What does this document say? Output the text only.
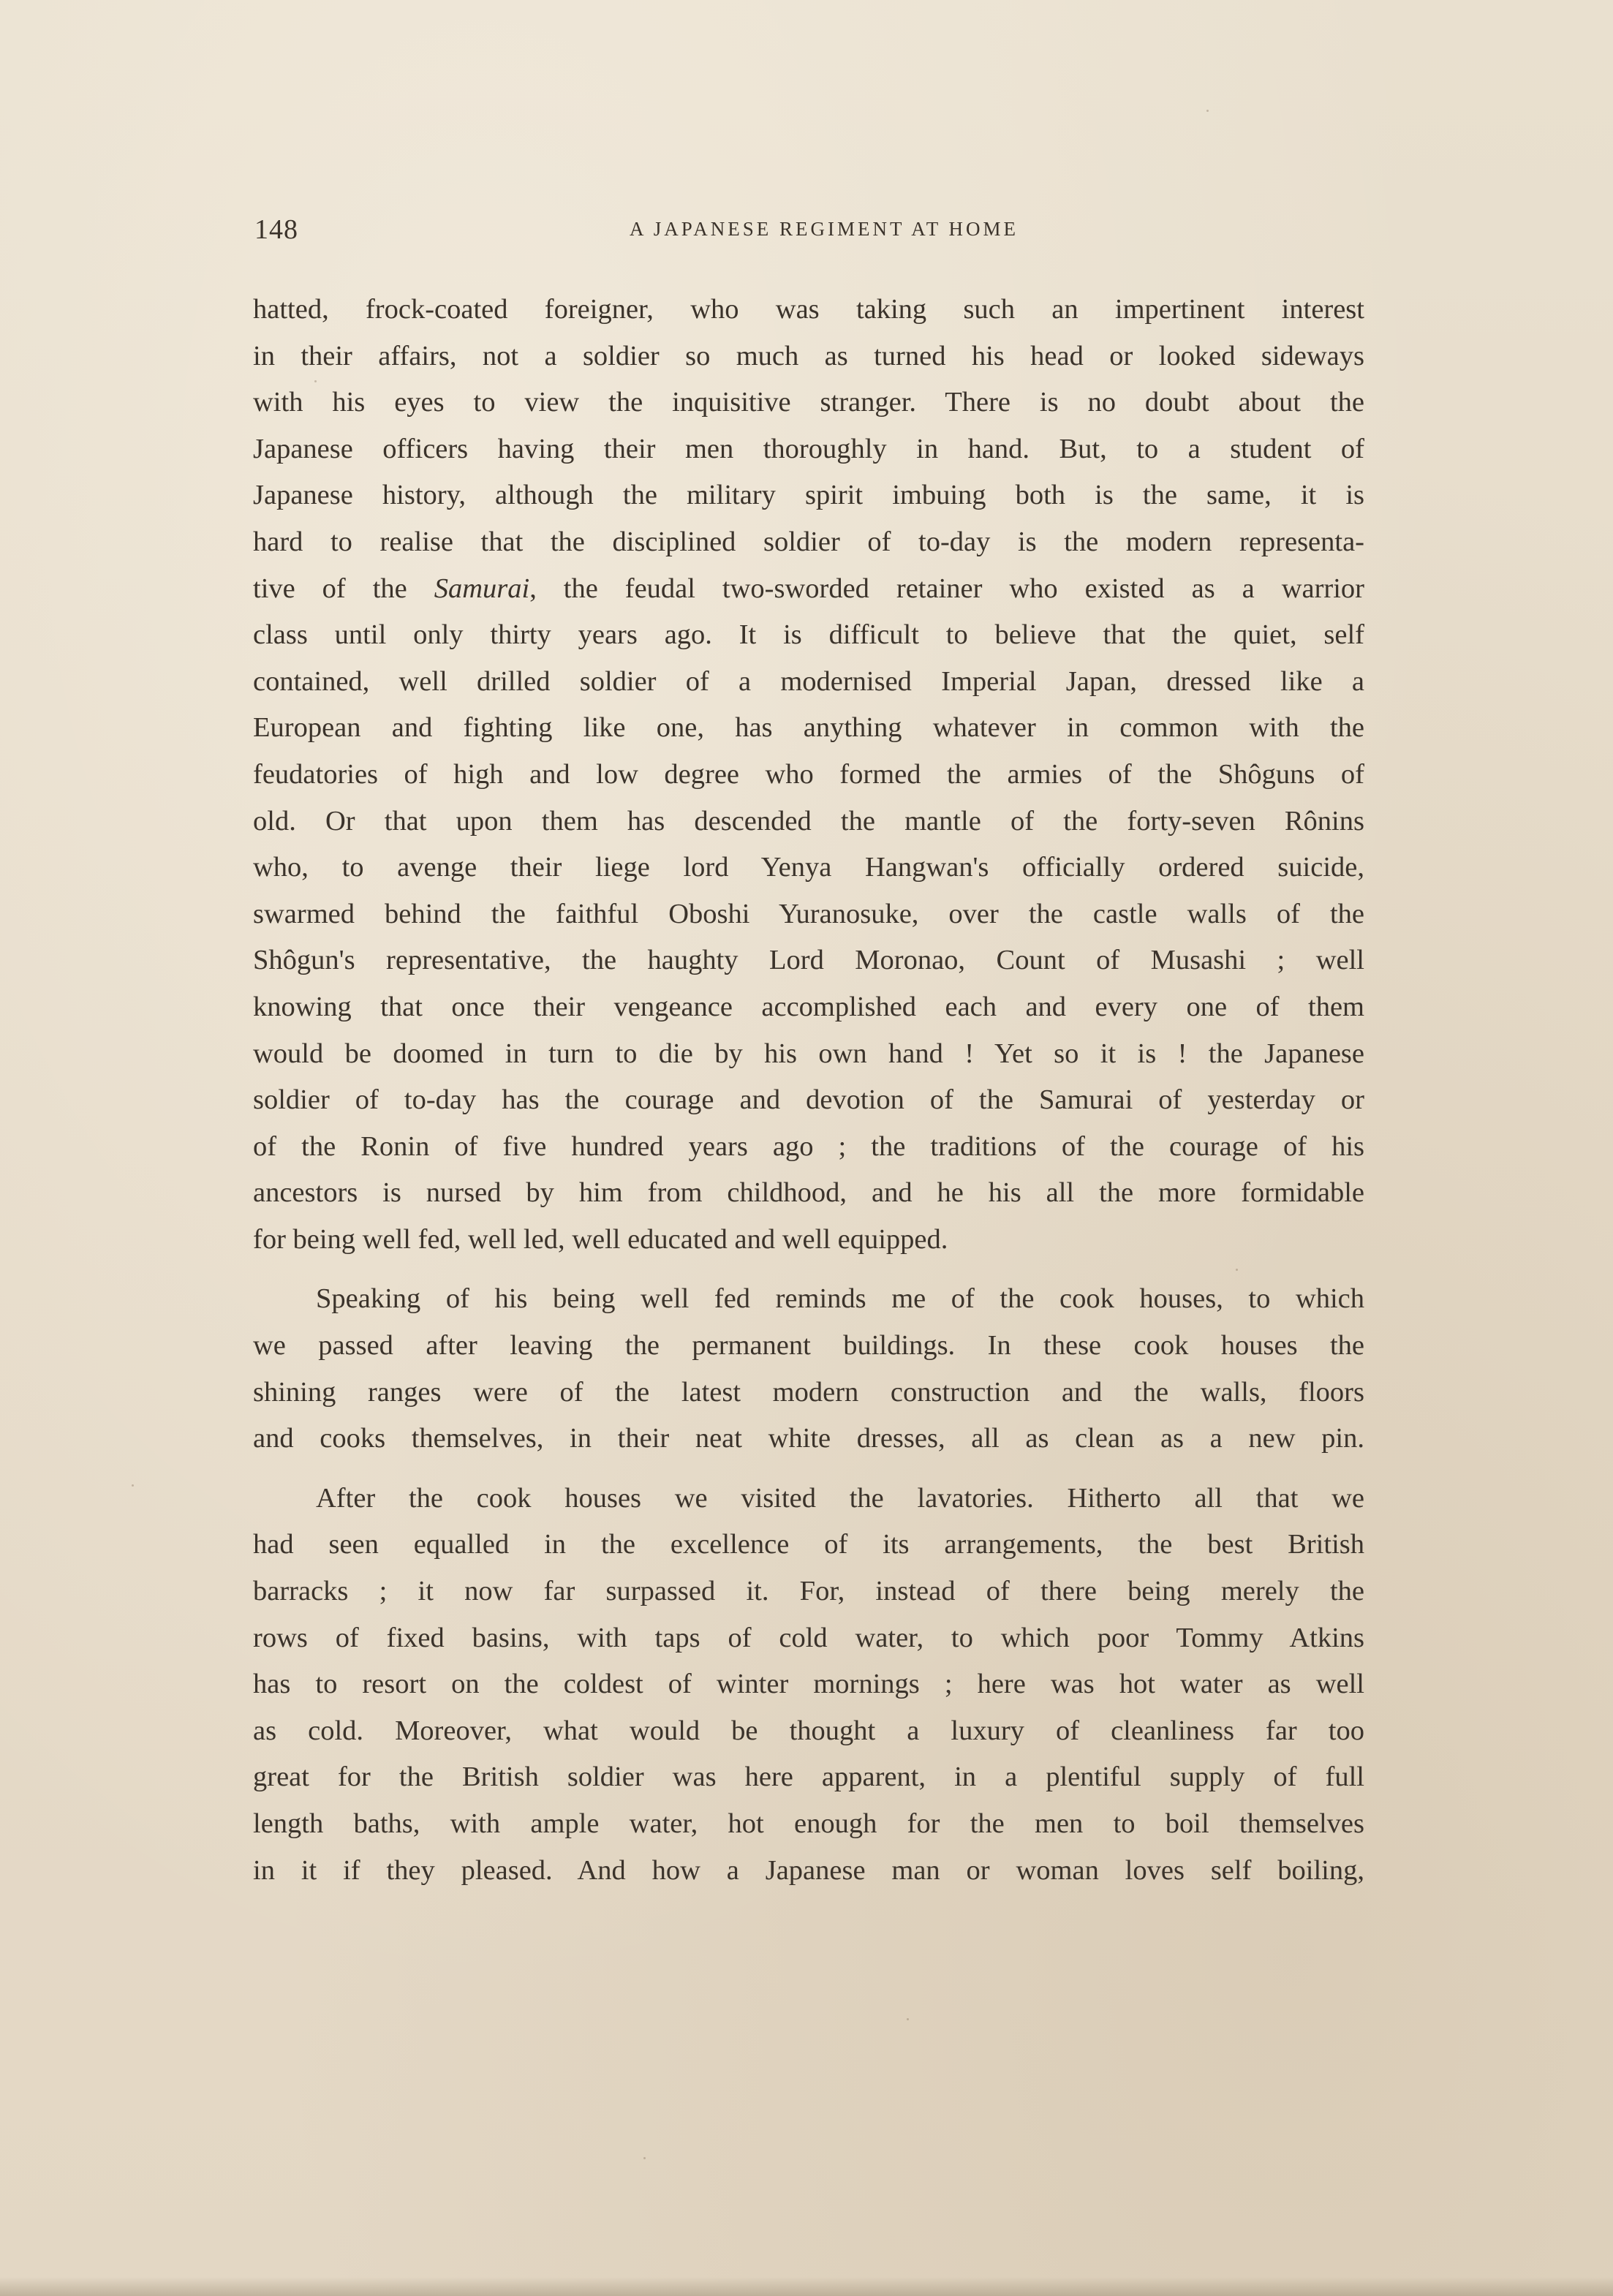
148	A JAPANESE REGIMENT AT HOME

hatted, frock-coated foreigner, who was taking such an impertinent interest
in their affairs, not a soldier so much as turned his head or looked sideways
with his eyes to view the inquisitive stranger. There is no doubt about the
Japanese officers having their men thoroughly in hand. But, to a student of
Japanese history, although the military spirit imbuing both is the same, it is
hard to realise that the disciplined soldier of to-day is the modern representa-
tive of the Samurai, the feudal two-sworded retainer who existed as a warrior
class until only thirty years ago. It is difficult to believe that the quiet, self
contained, well drilled soldier of a modernised Imperial Japan, dressed like a
European and fighting like one, has anything whatever in common with the
feudatories of high and low degree who formed the armies of the Shôguns of
old. Or that upon them has descended the mantle of the forty-seven Rônins
who, to avenge their liege lord Yenya Hangwan's officially ordered suicide,
swarmed behind the faithful Oboshi Yuranosuke, over the castle walls of the
Shôgun's representative, the haughty Lord Moronao, Count of Musashi ; well
knowing that once their vengeance accomplished each and every one of them
would be doomed in turn to die by his own hand ! Yet so it is ! the Japanese
soldier of to-day has the courage and devotion of the Samurai of yesterday or
of the Ronin of five hundred years ago ; the traditions of the courage of his
ancestors is nursed by him from childhood, and he his all the more formidable
for being well fed, well led, well educated and well equipped.

Speaking of his being well fed reminds me of the cook houses, to which
we passed after leaving the permanent buildings. In these cook houses the
shining ranges were of the latest modern construction and the walls, floors
and cooks themselves, in their neat white dresses, all as clean as a new pin.

After the cook houses we visited the lavatories. Hitherto all that we
had seen equalled in the excellence of its arrangements, the best British
barracks ; it now far surpassed it. For, instead of there being merely the
rows of fixed basins, with taps of cold water, to which poor Tommy Atkins
has to resort on the coldest of winter mornings ; here was hot water as well
as cold. Moreover, what would be thought a luxury of cleanliness far too
great for the British soldier was here apparent, in a plentiful supply of full
length baths, with ample water, hot enough for the men to boil themselves
in it if they pleased. And how a Japanese man or woman loves self boiling,
